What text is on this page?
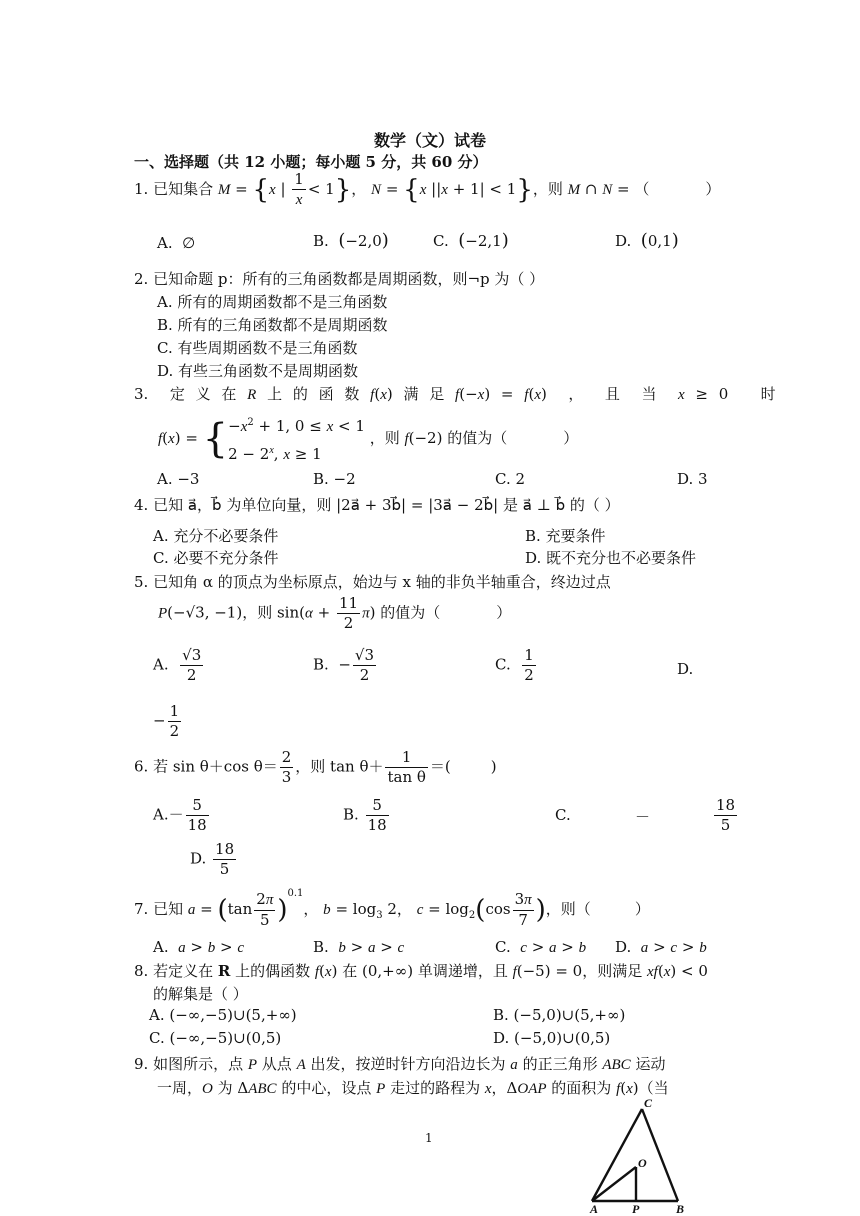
数学（文）试卷
一、选择题（共 12 小题；每小题 5 分，共 60 分）
1. 已知集合 M = {x | $\frac{1}{x} < 1$}， N = {x ||x + 1| < 1}，则 M ∩ N = （	）
A.  ∅	B.  (−2,0)	C.  (−2,1)	D.  (0,1)
2. 已知命题 p：所有的三角函数都是周期函数，则¬p 为（ ）
A. 所有的周期函数都不是三角函数
B. 所有的三角函数都不是周期函数
C. 有些周期函数不是三角函数
D. 有些三角函数不是周期函数
3.  定 义 在 R 上 的 函 数 f(x) 满 足 f(−x) = f(x)  ，  且  当  x ≥ 0   时
f(x) = { $-x^2 + 1$, 0 ≤ x < 1
$2 - 2^x$, x ≥ 1
，则 f(−2) 的值为（	）
A. −3	B. −2	C. 2	D. 3
4. 已知 a⃗，b⃗ 为单位向量，则 |2a⃗ + 3b⃗| = |3a⃗ − 2b⃗| 是 a⃗ ⊥ b⃗ 的（ ）
A. 充分不必要条件	B. 充要条件
C. 必要不充分条件	D. 既不充分也不必要条件
5. 已知角 α 的顶点为坐标原点，始边与 x 轴的非负半轴重合，终边过点
P(−√3, −1)，则 $\sin(\alpha + \frac{11}{2} \pi)$ 的值为（	）
A. $\frac{√3}{2}$	B.  − $\frac{√3}{2}$	C. $\frac{1}{2}$	D.
− $\frac{1}{2}$
6. 若 sin θ＋cos $\theta= \frac{2}{3}$ ，则 $\tan \theta+ \frac{1}{\text{tan θ}}$ ＝(	)
$A.- \frac{5}{18}$	B. $\frac{5}{18}$	C.	－	$\frac{18}{5}$
D. $\frac{18}{5}$
7. 已知 $a = (\tan \frac{2\pi}{5} )^{0.1}$， $b = \log_3 2$， $c = \log_2(\cos \frac{3\pi}{7}$ )，则（	）
A.  a > b > c	B.  b > a > c	C.  c > a > b D.  a > c > b
8. 若定义在 R 上的偶函数 f(x) 在 (0,+∞) 单调递增，且 f(−5) = 0，则满足 xf(x) < 0
的解集是（ ）
A. (−∞,−5)∪(5,+∞)	B. (−5,0)∪(5,+∞)
C. (−∞,−5)∪(0,5)	D. (−5,0)∪(0,5)
9. 如图所示，点 P 从点 A 出发，按逆时针方向沿边长为 a 的正三角形 ABC 运动
一周，O 为 ΔABC 的中心，设点 P 走过的路程为 x，ΔOAP 的面积为 f(x)（当
C
O
A	P	B
1
